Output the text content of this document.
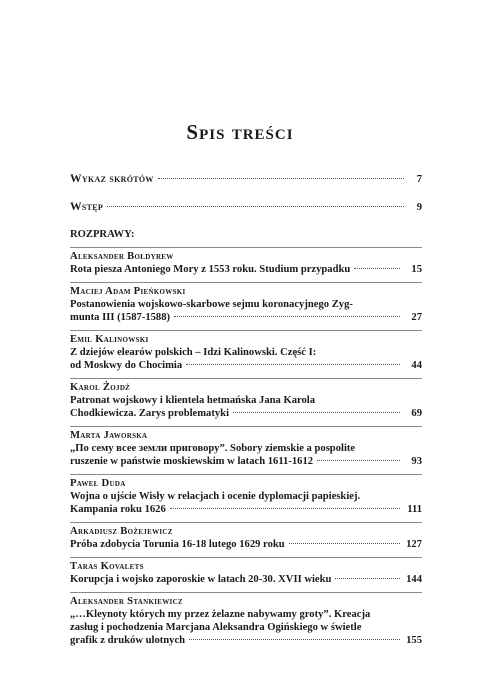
Spis treści
Wykaz skrótów	7
Wstęp	9
ROZPRAWY:
Aleksander Bołdyrew
Rota piesza Antoniego Mory z 1553 roku. Studium przypadku	15
Maciej Adam Pieńkowski
Postanowienia wojskowo-skarbowe sejmu koronacyjnego Zyg-
munta III (1587-1588)	27
Emil Kalinowski
Z dziejów elearów polskich – Idzi Kalinowski. Część I:
od Moskwy do Chocimia	44
Karol Żojdź
Patronat wojskowy i klientela hetmańska Jana Karola
Chodkiewicza. Zarys problematyki	69
Marta Jaworska
„По сему всее земли приговору”. Sobory ziemskie a pospolite
ruszenie w państwie moskiewskim w latach 1611-1612	93
Paweł Duda
Wojna o ujście Wisły w relacjach i ocenie dyplomacji papieskiej.
Kampania roku 1626	111
Arkadiusz Bożejewicz
Próba zdobycia Torunia 16-18 lutego 1629 roku	127
Taras Kovalets
Korupcja i wojsko zaporoskie w latach 20-30. XVII wieku	144
Aleksander Stankiewicz
„…Kleynoty których my przez żelazne nabywamy groty”. Kreacja
zasług i pochodzenia Marcjana Aleksandra Ogińskiego w świetle
grafik z druków ulotnych	155
